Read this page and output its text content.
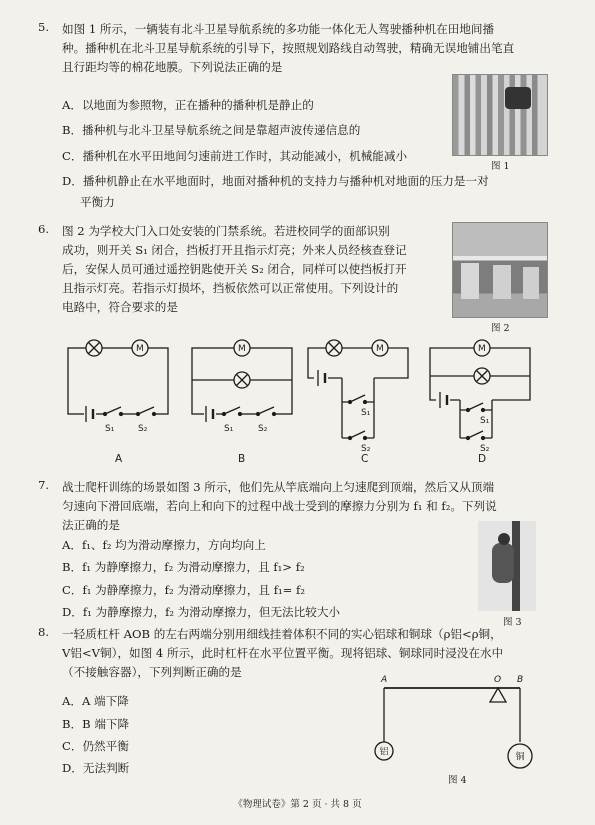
5. 如图 1 所示，一辆装有北斗卫星导航系统的多功能一体化无人驾驶播种机在田地间播
种。播种机在北斗卫星导航系统的引导下，按照规划路线自动驾驶，精确无误地铺出笔直
且行距均等的棉花地膜。下列说法正确的是
A．以地面为参照物，正在播种的播种机是静止的
B．播种机与北斗卫星导航系统之间是靠超声波传递信息的
C．播种机在水平田地间匀速前进工作时，其动能减小，机械能减小
D．播种机静止在水平地面时，地面对播种机的支持力与播种机对地面的压力是一对
平衡力
图 1
6. 图 2 为学校大门入口处安装的门禁系统。若进校同学的面部识别
成功，则开关 S₁ 闭合，挡板打开且指示灯亮；外来人员经核查登记
后，安保人员可通过遥控钥匙使开关 S₂ 闭合，同样可以使挡板打开
且指示灯亮。若指示灯损坏，挡板依然可以正常使用。下列设计的
电路中，符合要求的是
图 2
M	M	M	M
S₁	S₂	S₁	S₂
S₁
S₂
S₁
S₂
A	B	C	D
7. 战士爬杆训练的场景如图 3 所示，他们先从竿底端向上匀速爬到顶端，然后又从顶端
匀速向下滑回底端，若向上和向下的过程中战士受到的摩擦力分别为 f₁ 和 f₂。下列说
法正确的是
A．f₁、f₂ 均为滑动摩擦力，方向均向上
B．f₁ 为静摩擦力，f₂ 为滑动摩擦力，且 f₁> f₂
C．f₁ 为静摩擦力，f₂ 为滑动摩擦力，且 f₁= f₂
D．f₁ 为静摩擦力，f₂ 为滑动摩擦力，但无法比较大小
图 3
8. 一轻质杠杆 AOB 的左右两端分别用细线挂着体积不同的实心铝球和铜球（ρ铝<ρ铜，
V铝<V铜），如图 4 所示，此时杠杆在水平位置平衡。现将铝球、铜球同时浸没在水中
（不接触容器），下列判断正确的是
A．A 端下降
B．B 端下降
C．仍然平衡
D．无法判断
A	O B
铝	铜
图 4
《物理试卷》第 2 页 · 共 8 页
